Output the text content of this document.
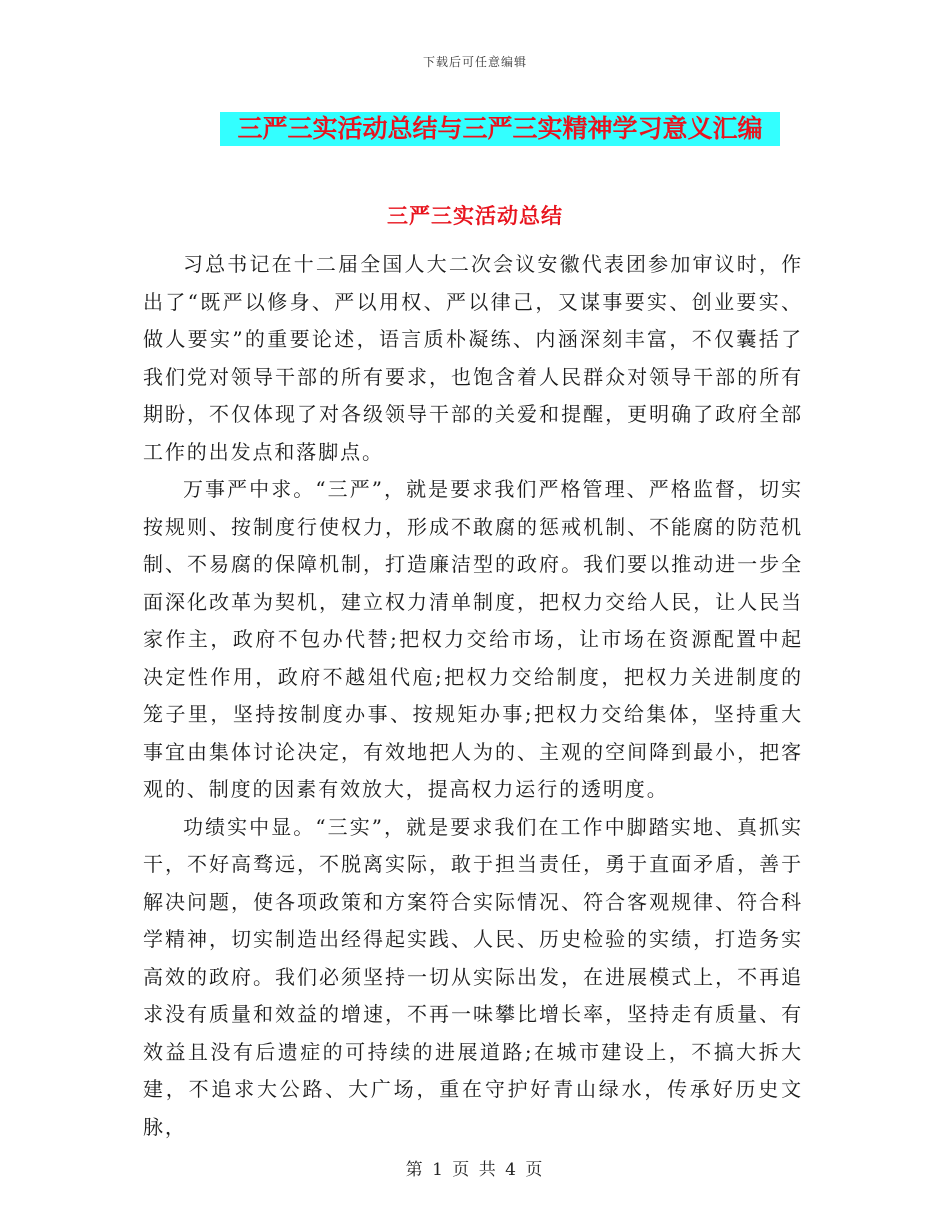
下载后可任意编辑
三严三实活动总结与三严三实精神学习意义汇编
三严三实活动总结

习总书记在十二届全国人大二次会议安徽代表团参加审议时，作出了“既严以修身、严以用权、严以律己，又谋事要实、创业要实、做人要实”的重要论述，语言质朴凝练、内涵深刻丰富，不仅囊括了我们党对领导干部的所有要求，也饱含着人民群众对领导干部的所有期盼，不仅体现了对各级领导干部的关爱和提醒，更明确了政府全部工作的出发点和落脚点。

万事严中求。“三严”，就是要求我们严格管理、严格监督，切实按规则、按制度行使权力，形成不敢腐的惩戒机制、不能腐的防范机制、不易腐的保障机制，打造廉洁型的政府。我们要以推动进一步全面深化改革为契机，建立权力清单制度，把权力交给人民，让人民当家作主，政府不包办代替;把权力交给市场，让市场在资源配置中起决定性作用，政府不越俎代庖;把权力交给制度，把权力关进制度的笼子里，坚持按制度办事、按规矩办事;把权力交给集体，坚持重大事宜由集体讨论决定，有效地把人为的、主观的空间降到最小，把客观的、制度的因素有效放大，提高权力运行的透明度。

功绩实中显。“三实”，就是要求我们在工作中脚踏实地、真抓实干，不好高骛远，不脱离实际，敢于担当责任，勇于直面矛盾，善于解决问题，使各项政策和方案符合实际情况、符合客观规律、符合科学精神，切实制造出经得起实践、人民、历史检验的实绩，打造务实高效的政府。我们必须坚持一切从实际出发，在进展模式上，不再追求没有质量和效益的增速，不再一味攀比增长率，坚持走有质量、有效益且没有后遗症的可持续的进展道路;在城市建设上，不搞大拆大建，不追求大公路、大广场，重在守护好青山绿水，传承好历史文脉，

第 1 页 共 4 页
